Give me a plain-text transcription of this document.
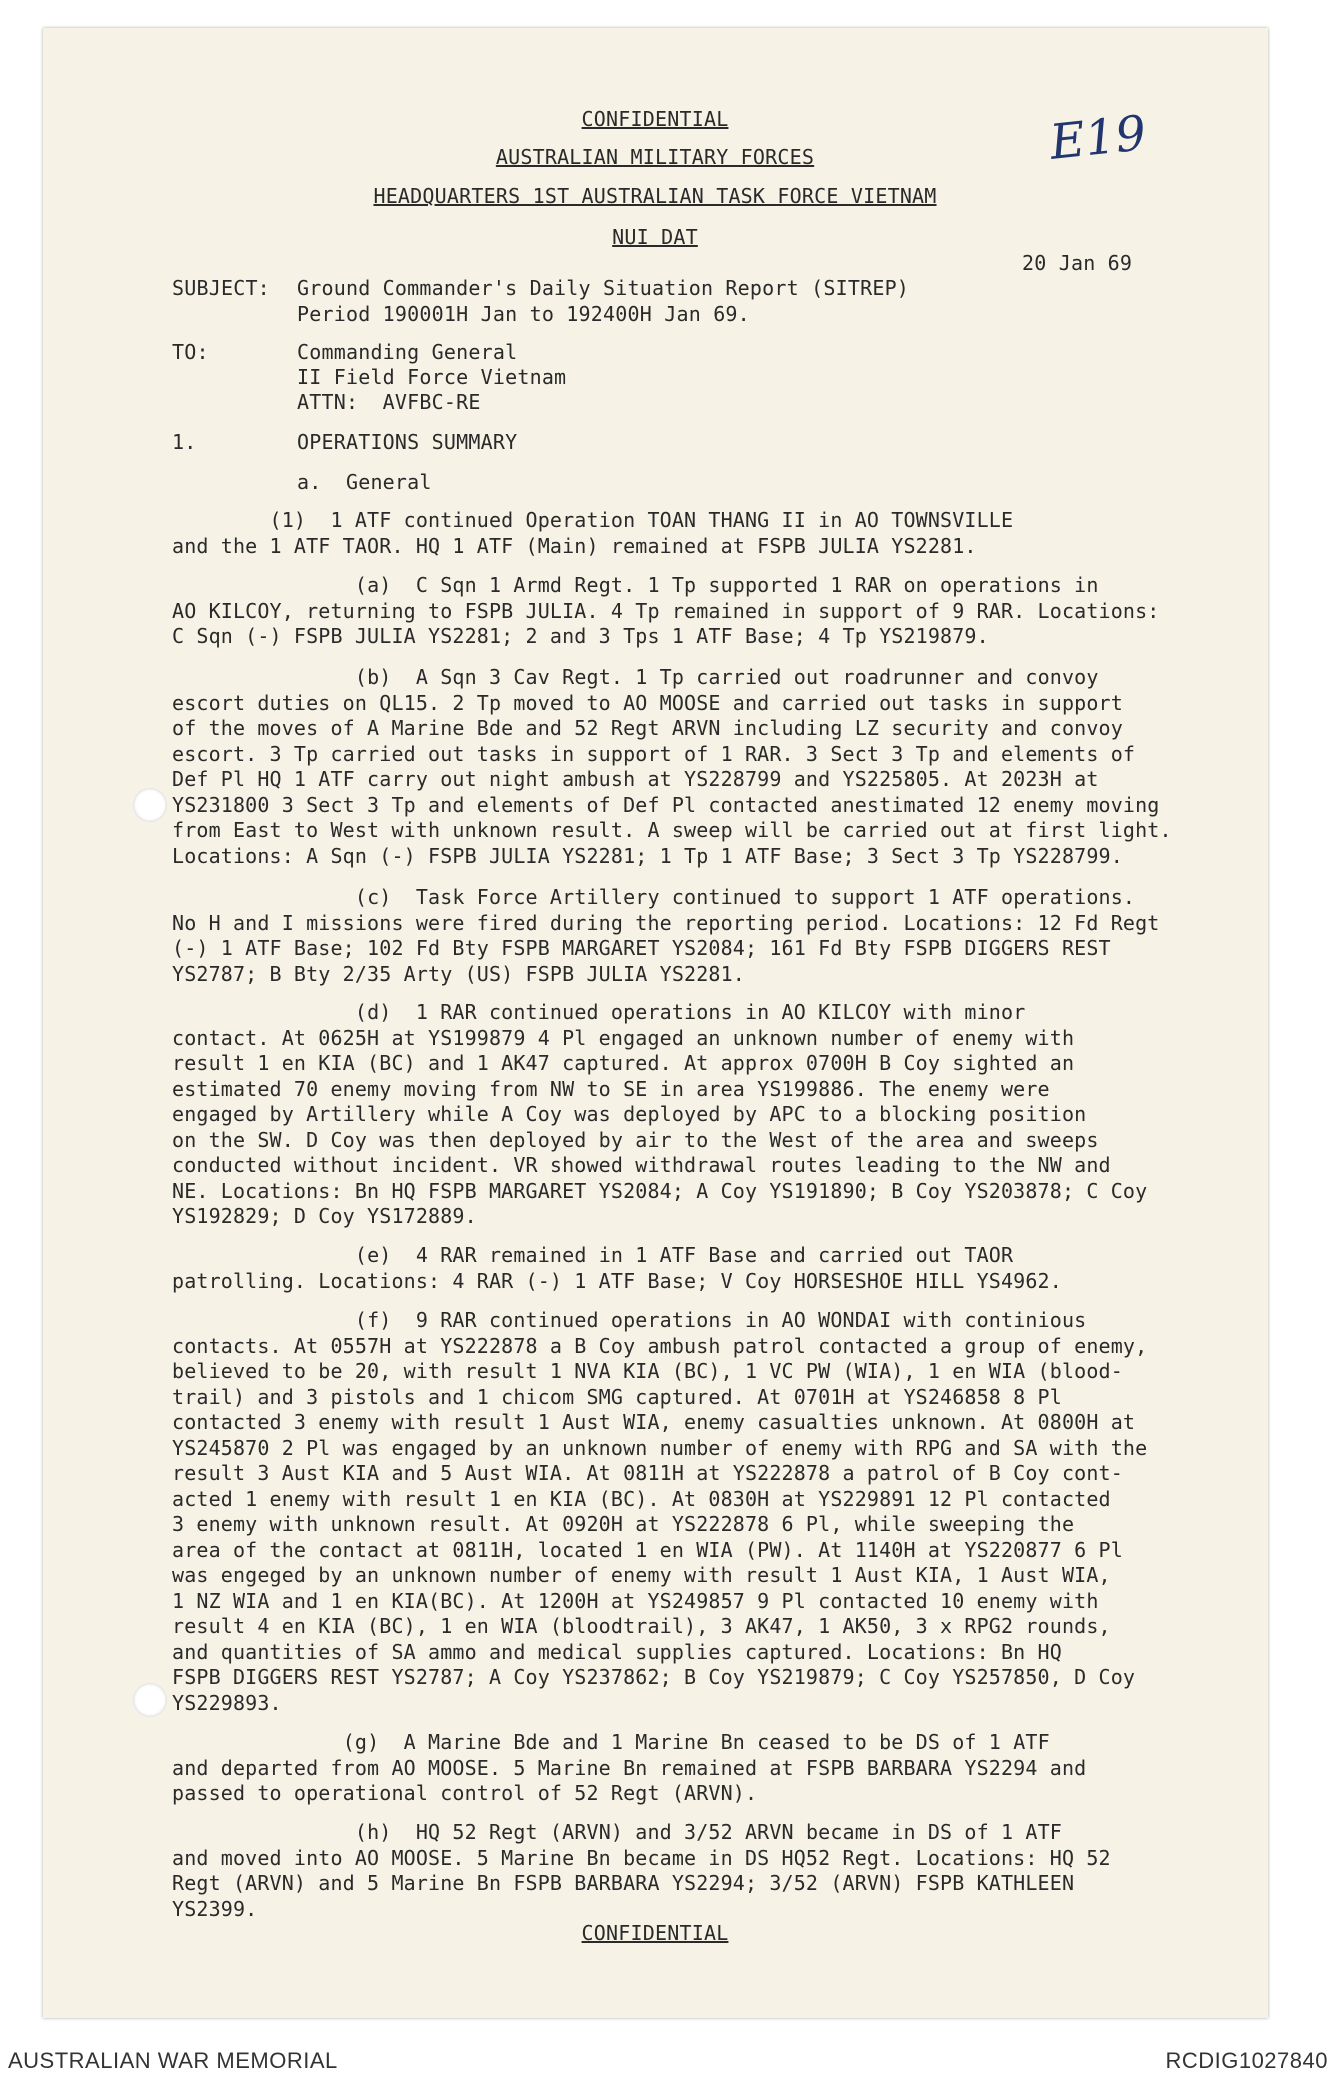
CONFIDENTIAL
AUSTRALIAN MILITARY FORCES
HEADQUARTERS 1ST AUSTRALIAN TASK FORCE VIETNAM
NUI DAT
E19
20 Jan 69
SUBJECT: Ground Commander's Daily Situation Report (SITREP)
Period 190001H Jan to 192400H Jan 69.
TO:	Commanding General
II Field Force Vietnam
ATTN:  AVFBC-RE
1.	OPERATIONS SUMMARY
a.  General

(1)  1 ATF continued Operation TOAN THANG II in AO TOWNSVILLE
and the 1 ATF TAOR. HQ 1 ATF (Main) remained at FSPB JULIA YS2281.

(a)  C Sqn 1 Armd Regt. 1 Tp supported 1 RAR on operations in
AO KILCOY, returning to FSPB JULIA. 4 Tp remained in support of 9 RAR. Locations:
C Sqn (-) FSPB JULIA YS2281; 2 and 3 Tps 1 ATF Base; 4 Tp YS219879.

(b)  A Sqn 3 Cav Regt. 1 Tp carried out roadrunner and convoy
escort duties on QL15. 2 Tp moved to AO MOOSE and carried out tasks in support
of the moves of A Marine Bde and 52 Regt ARVN including LZ security and convoy
escort. 3 Tp carried out tasks in support of 1 RAR. 3 Sect 3 Tp and elements of
Def Pl HQ 1 ATF carry out night ambush at YS228799 and YS225805. At 2023H at
YS231800 3 Sect 3 Tp and elements of Def Pl contacted anestimated 12 enemy moving
from East to West with unknown result. A sweep will be carried out at first light.
Locations: A Sqn (-) FSPB JULIA YS2281; 1 Tp 1 ATF Base; 3 Sect 3 Tp YS228799.

(c)  Task Force Artillery continued to support 1 ATF operations.
No H and I missions were fired during the reporting period. Locations: 12 Fd Regt
(-) 1 ATF Base; 102 Fd Bty FSPB MARGARET YS2084; 161 Fd Bty FSPB DIGGERS REST
YS2787; B Bty 2/35 Arty (US) FSPB JULIA YS2281.

(d)  1 RAR continued operations in AO KILCOY with minor
contact. At 0625H at YS199879 4 Pl engaged an unknown number of enemy with
result 1 en KIA (BC) and 1 AK47 captured. At approx 0700H B Coy sighted an
estimated 70 enemy moving from NW to SE in area YS199886. The enemy were
engaged by Artillery while A Coy was deployed by APC to a blocking position
on the SW. D Coy was then deployed by air to the West of the area and sweeps
conducted without incident. VR showed withdrawal routes leading to the NW and
NE. Locations: Bn HQ FSPB MARGARET YS2084; A Coy YS191890; B Coy YS203878; C Coy
YS192829; D Coy YS172889.

(e)  4 RAR remained in 1 ATF Base and carried out TAOR
patrolling. Locations: 4 RAR (-) 1 ATF Base; V Coy HORSESHOE HILL YS4962.

(f)  9 RAR continued operations in AO WONDAI with continious
contacts. At 0557H at YS222878 a B Coy ambush patrol contacted a group of enemy,
believed to be 20, with result 1 NVA KIA (BC), 1 VC PW (WIA), 1 en WIA (blood-
trail) and 3 pistols and 1 chicom SMG captured. At 0701H at YS246858 8 Pl
contacted 3 enemy with result 1 Aust WIA, enemy casualties unknown. At 0800H at
YS245870 2 Pl was engaged by an unknown number of enemy with RPG and SA with the
result 3 Aust KIA and 5 Aust WIA. At 0811H at YS222878 a patrol of B Coy cont-
acted 1 enemy with result 1 en KIA (BC). At 0830H at YS229891 12 Pl contacted
3 enemy with unknown result. At 0920H at YS222878 6 Pl, while sweeping the
area of the contact at 0811H, located 1 en WIA (PW). At 1140H at YS220877 6 Pl
was engeged by an unknown number of enemy with result 1 Aust KIA, 1 Aust WIA,
1 NZ WIA and 1 en KIA(BC). At 1200H at YS249857 9 Pl contacted 10 enemy with
result 4 en KIA (BC), 1 en WIA (bloodtrail), 3 AK47, 1 AK50, 3 x RPG2 rounds,
and quantities of SA ammo and medical supplies captured. Locations: Bn HQ
FSPB DIGGERS REST YS2787; A Coy YS237862; B Coy YS219879; C Coy YS257850, D Coy
YS229893.

(g)  A Marine Bde and 1 Marine Bn ceased to be DS of 1 ATF
and departed from AO MOOSE. 5 Marine Bn remained at FSPB BARBARA YS2294 and
passed to operational control of 52 Regt (ARVN).

(h)  HQ 52 Regt (ARVN) and 3/52 ARVN became in DS of 1 ATF
and moved into AO MOOSE. 5 Marine Bn became in DS HQ52 Regt. Locations: HQ 52
Regt (ARVN) and 5 Marine Bn FSPB BARBARA YS2294; 3/52 (ARVN) FSPB KATHLEEN
YS2399.

CONFIDENTIAL
AUSTRALIAN WAR MEMORIAL	RCDIG1027840
